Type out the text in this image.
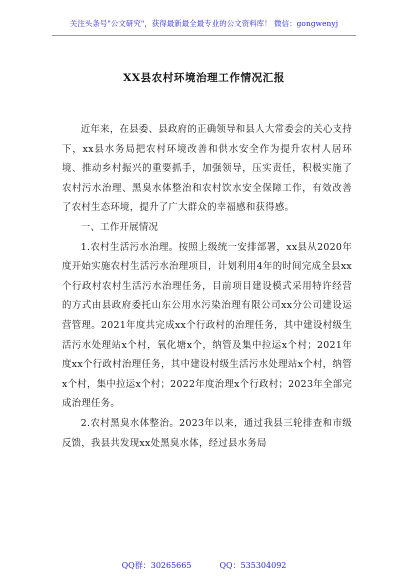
关注头条号"公文研究"，获得最新最全最专业的公文资料库！ 微信：gongwenyj
XX县农村环境治理工作情况汇报

近年来，在县委、县政府的正确领导和县人大常委会的关心支持下，xx县水务局把农村环境改善和供水安全作为提升农村人居环境、推动乡村振兴的重要抓手，加强领导，压实责任，积极实施了农村污水治理、黑臭水体整治和农村饮水安全保障工作，有效改善了农村生态环境，提升了广大群众的幸福感和获得感。

一、工作开展情况

1.农村生活污水治理。按照上级统一安排部署，xx县从2020年度开始实施农村生活污水治理项目，计划利用4年的时间完成全县xx个行政村农村生活污水治理任务，目前项目建设模式采用特许经营的方式由县政府委托山东公用水污染治理有限公司xx分公司建设运营管理。2021年度共完成xx个行政村的治理任务，其中建设村级生活污水处理站x个村，氧化塘x个，纳管及集中拉运x个村；2021年度xx个行政村治理任务，其中建设村级生活污水处理站x个村，纳管x个村，集中拉运x个村；2022年度治理x个行政村；2023年全部完成治理任务。

2.农村黑臭水体整治。2023年以来，通过我县三轮排查和市级反馈，我县共发现xx处黑臭水体，经过县水务局

QQ群：30265665	QQ：535304092
